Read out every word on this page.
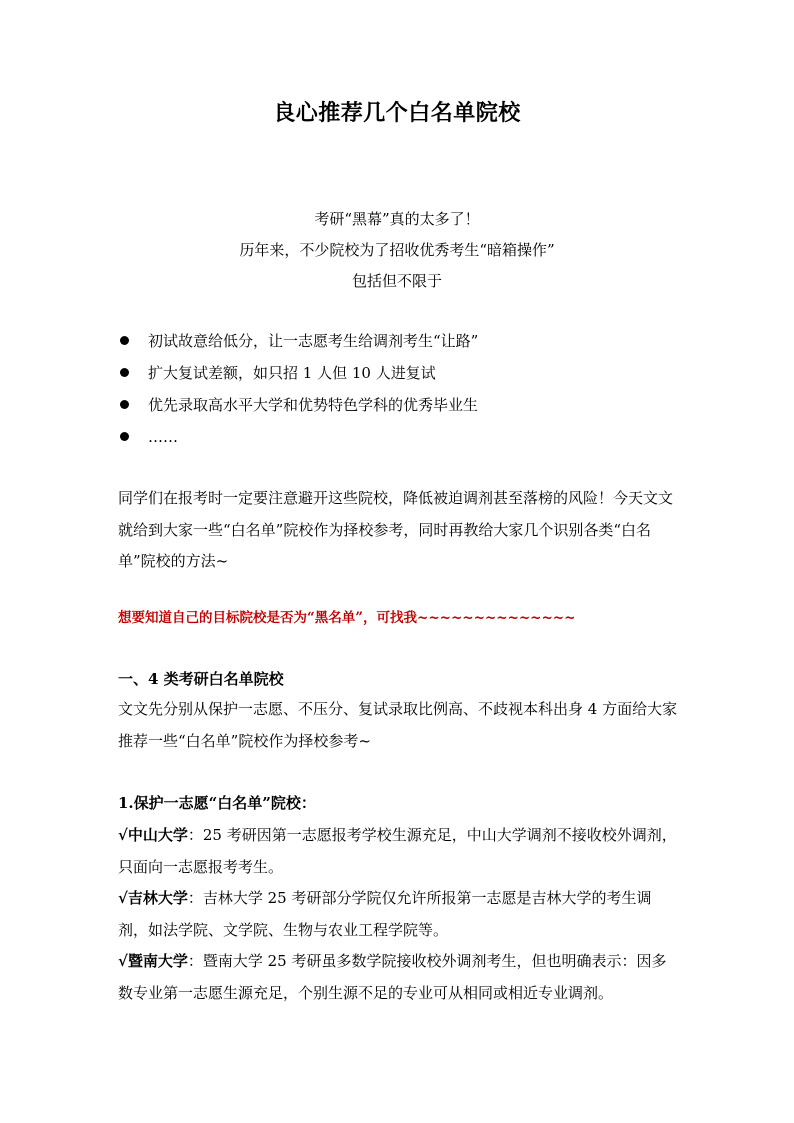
良心推荐几个白名单院校
考研“黑幕”真的太多了！
历年来，不少院校为了招收优秀考生“暗箱操作”
包括但不限于
初试故意给低分，让一志愿考生给调剂考生“让路”
扩大复试差额，如只招 1 人但 10 人进复试
优先录取高水平大学和优势特色学科的优秀毕业生
……
同学们在报考时一定要注意避开这些院校，降低被迫调剂甚至落榜的风险！今天文文就给到大家一些“白名单”院校作为择校参考，同时再教给大家几个识别各类“白名单”院校的方法~
想要知道自己的目标院校是否为“黑名单”，可找我~~~~~~~~~~~~~~
一、4 类考研白名单院校
文文先分别从保护一志愿、不压分、复试录取比例高、不歧视本科出身 4 方面给大家推荐一些“白名单”院校作为择校参考~
1.保护一志愿“白名单”院校：
√中山大学：25 考研因第一志愿报考学校生源充足，中山大学调剂不接收校外调剂，只面向一志愿报考考生。
√吉林大学：吉林大学 25 考研部分学院仅允许所报第一志愿是吉林大学的考生调剂，如法学院、文学院、生物与农业工程学院等。
√暨南大学：暨南大学 25 考研虽多数学院接收校外调剂考生，但也明确表示：因多数专业第一志愿生源充足，个别生源不足的专业可从相同或相近专业调剂。
